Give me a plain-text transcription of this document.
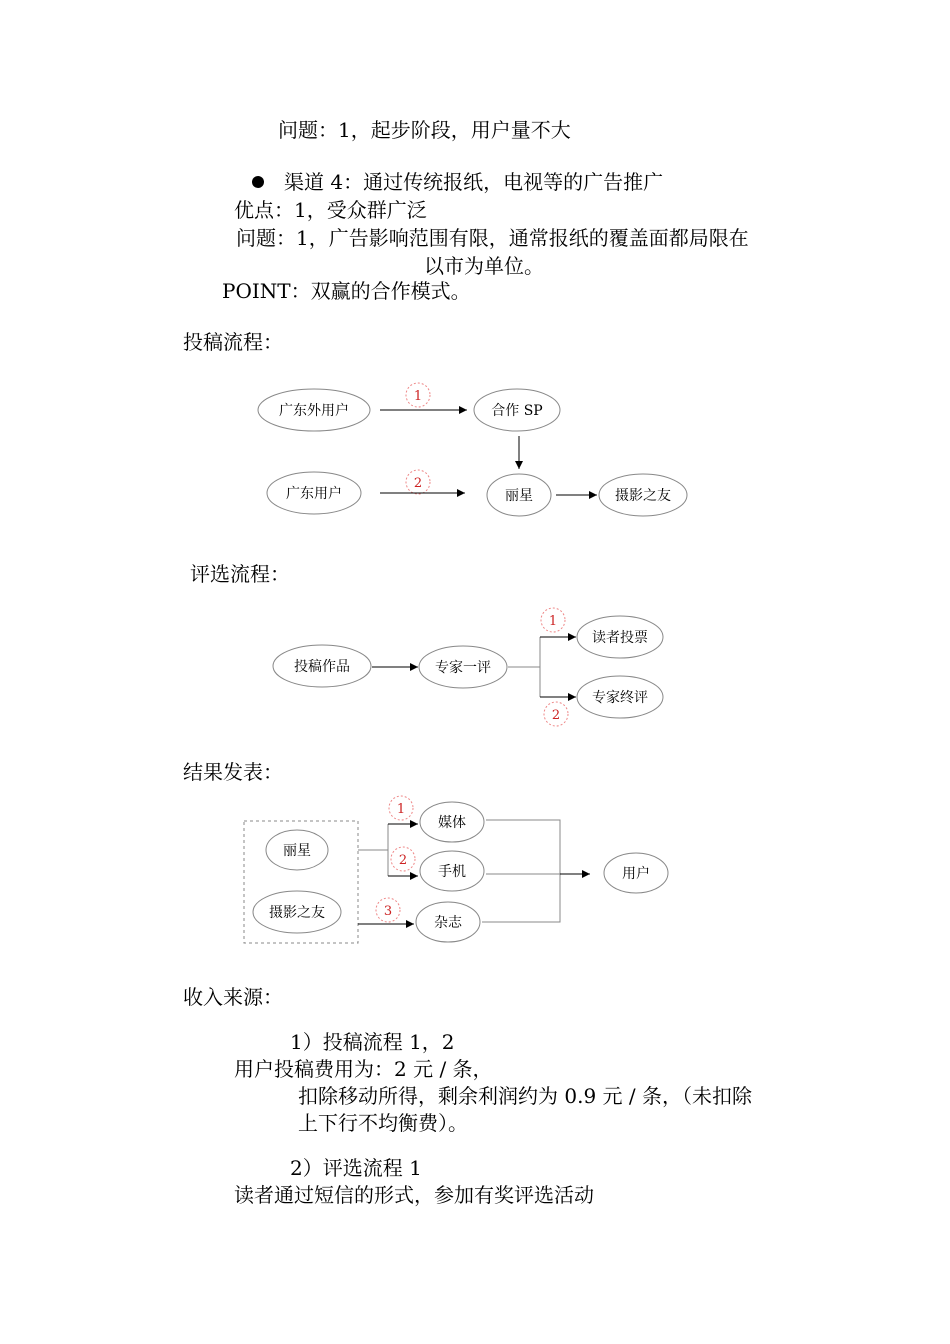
问题：1，起步阶段，用户量不大
渠道 4：通过传统报纸，电视等的广告推广
优点：1，受众群广泛
问题：1，广告影响范围有限，通常报纸的覆盖面都局限在
以市为单位。
POINT：双赢的合作模式。
投稿流程：
评选流程：
结果发表：
收入来源：
1）投稿流程 1，2
用户投稿费用为：2 元 / 条，
扣除移动所得，剩余利润约为 0.9 元 / 条，（未扣除
上下行不均衡费）。
2）评选流程 1
读者通过短信的形式，参加有奖评选活动
广东外用户	合作 SP
广东用户	丽星	摄影之友
1
2
投稿作品	专家一评
读者投票
专家终评
1
2
丽星
摄影之友
媒体
手机
杂志
用户
1
2
3
